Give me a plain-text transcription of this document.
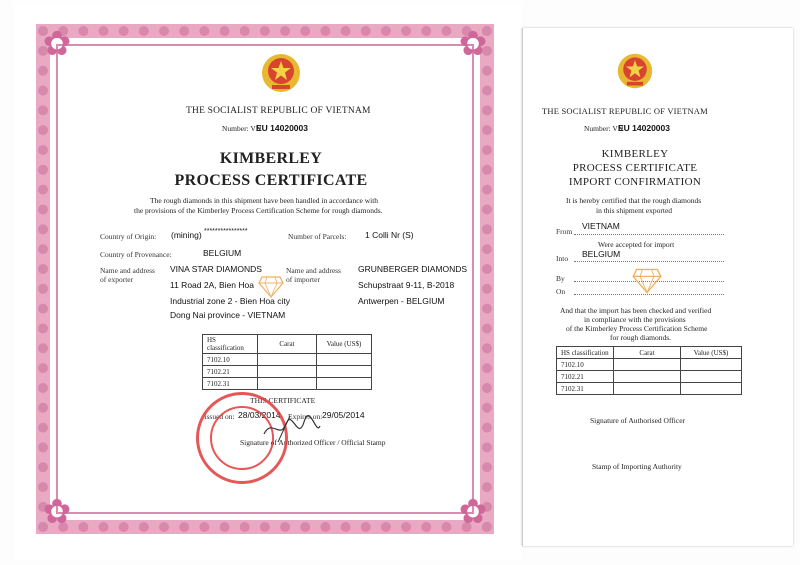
✿	✿
✿	✿
THE SOCIALIST REPUBLIC OF VIETNAM
Number: VN
EU 14020003
KIMBERLEY
PROCESS CERTIFICATE
The rough diamonds in this shipment have been handled in accordance with
the provisions of the Kimberley Process Certification Scheme for rough diamonds.
Country of Origin: (mining) ****************
Number of Parcels: 1 Colli Nr (S)
Country of Provenance:	BELGIUM
Name and address
of exporter
VINA STAR DIAMONDS
11 Road 2A, Bien Hoa
Industrial zone 2 - Bien Hoa city
Dong Nai province - VIETNAM
Name and address
of importer
GRUNBERGER DIAMONDS
Schupstraat 9-11, B-2018
Antwerpen - BELGIUM
HS classification	Carat	Value (US$)
7102.10		
7102.21		
7102.31		
THIS CERTIFICATE
Issued on: 28/03/2014 Expires on: 29/05/2014
Signature of Authorized Officer / Official Stamp
THE SOCIALIST REPUBLIC OF VIETNAM
Number: VN
EU 14020003
KIMBERLEY
PROCESS CERTIFICATE
IMPORT CONFIRMATION
It is hereby certified that the rough diamonds
in this shipment exported
From
VIETNAM
Were accepted for import
Into BELGIUM
By
On
And that the import has been checked and verified
in compliance with the provisions
of the Kimberley Process Certification Scheme
for rough diamonds.
HS classification	Carat	Value (US$)
7102.10		
7102.21		
7102.31		
Signature of Authorised Officer
Stamp of Importing Authority
